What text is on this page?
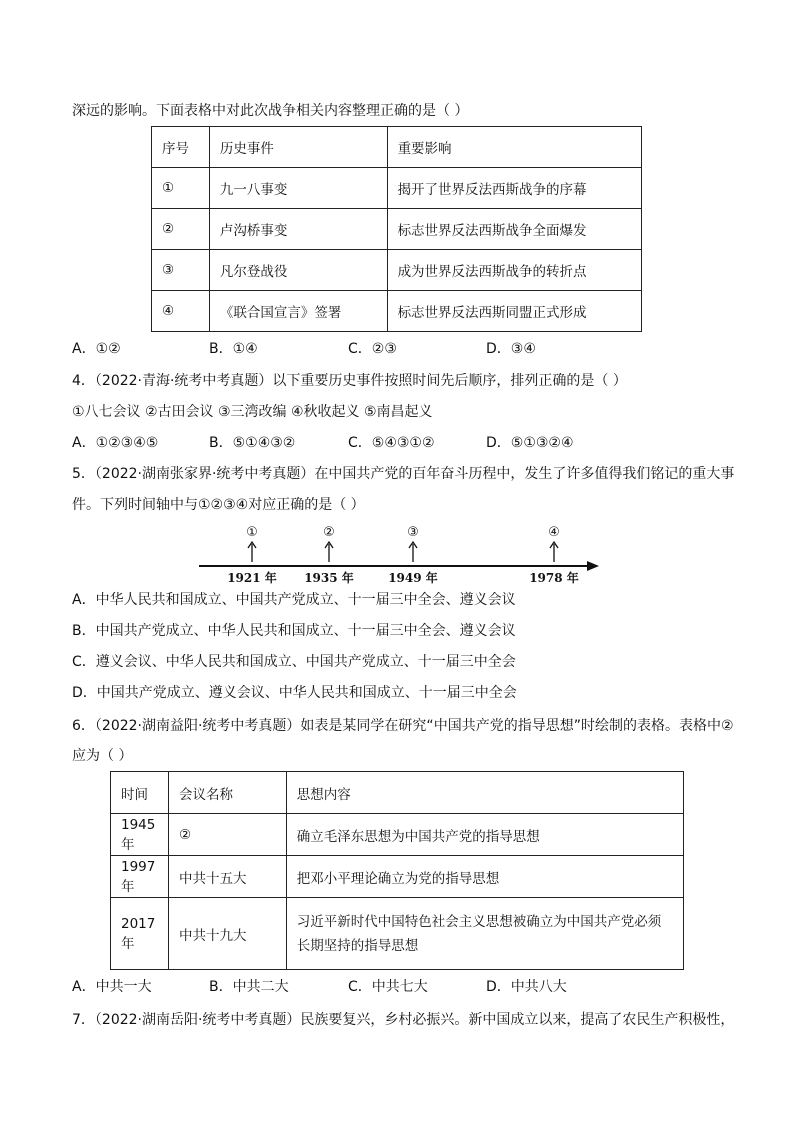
深远的影响。下面表格中对此次战争相关内容整理正确的是（ ）
序号	历史事件	重要影响
①	九一八事变	揭开了世界反法西斯战争的序幕
②	卢沟桥事变	标志世界反法西斯战争全面爆发
③	凡尔登战役	成为世界反法西斯战争的转折点
④	《联合国宣言》签署	标志世界反法西斯同盟正式形成
A．①②	B．①④	C．②③	D．③④
4．（2022·青海·统考中考真题）以下重要历史事件按照时间先后顺序，排列正确的是（ ）
①八七会议 ②古田会议 ③三湾改编 ④秋收起义 ⑤南昌起义
A．①②③④⑤	B．⑤①④③②	C．⑤④③①②	D．⑤①③②④
5．（2022·湖南张家界·统考中考真题）在中国共产党的百年奋斗历程中，发生了许多值得我们铭记的重大事
件。下列时间轴中与①②③④对应正确的是（ ）
①
1921 年
②
1935 年
③
1949 年
④
1978 年
A．中华人民共和国成立、中国共产党成立、十一届三中全会、遵义会议
B．中国共产党成立、中华人民共和国成立、十一届三中全会、遵义会议
C．遵义会议、中华人民共和国成立、中国共产党成立、十一届三中全会
D．中国共产党成立、遵义会议、中华人民共和国成立、十一届三中全会
6．（2022·湖南益阳·统考中考真题）如表是某同学在研究“中国共产党的指导思想”时绘制的表格。表格中②
应为（ ）
时间	会议名称	思想内容
1945 年	②	确立毛泽东思想为中国共产党的指导思想
1997 年	中共十五大	把邓小平理论确立为党的指导思想
2017 年	中共十九大	习近平新时代中国特色社会主义思想被确立为中国共产党必须长期坚持的指导思想
A．中共一大	B．中共二大	C．中共七大	D．中共八大
7．（2022·湖南岳阳·统考中考真题）民族要复兴，乡村必振兴。新中国成立以来，提高了农民生产积极性，
